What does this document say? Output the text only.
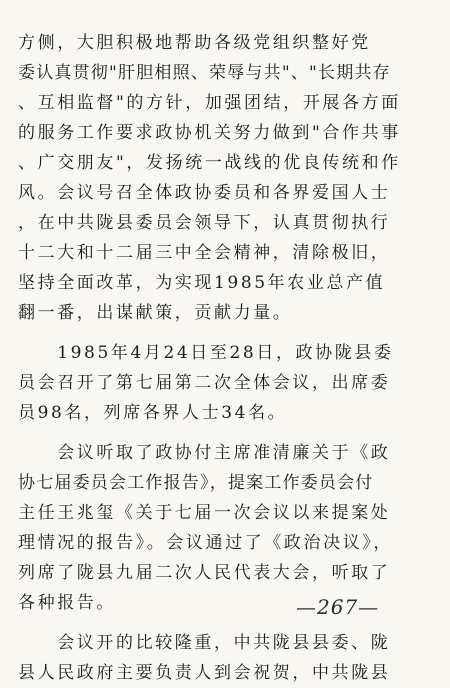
方侧，大胆积极地帮助各级党组织整好党
委认真贯彻"肝胆相照、荣辱与共"、"长期共存
、互相监督"的方针，加强团结，开展各方面
的服务工作要求政协机关努力做到"合作共事
、广交朋友"，发扬统一战线的优良传统和作
风。会议号召全体政协委员和各界爱国人士
，在中共陇县委员会领导下，认真贯彻执行
十二大和十二届三中全会精神，清除极旧，
坚持全面改革，为实现1985年农业总产值
翻一番，出谋献策，贡献力量。
　　1985年4月24日至28日，政协陇县委
员会召开了第七届第二次全体会议，出席委
员98名，列席各界人士34名。
　　会议听取了政协付主席准清廉关于《政
协七届委员会工作报告》，提案工作委员会付
主任王兆玺《关于七届一次会议以来提案处
理情况的报告》。会议通过了《政治决议》，
列席了陇县九届二次人民代表大会，听取了
各种报告。
　　会议开的比较隆重，中共陇县县委、陇
县人民政府主要负责人到会祝贺，中共陇县
—267—
